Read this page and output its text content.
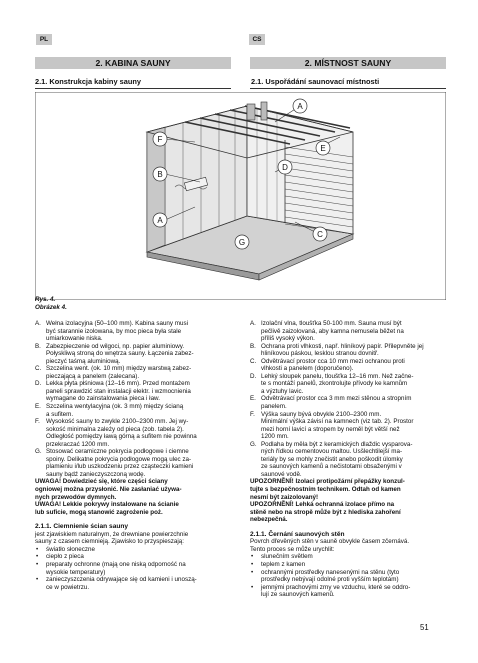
PL	CS
2. KABINA SAUNY	2. MÍSTNOST SAUNY
2.1. Konstrukcja kabiny sauny	2.1. Uspořádání saunovací místnosti
A
F
B
D
E
A
C
G
Rys. 4.
Obrázek 4.
A. Wełna izolacyjna (50–100 mm). Kabina sauny musi
być starannie izolowana, by moc pieca była stale
umiarkowanie niska.
B. Zabezpieczenie od wilgoci, np. papier aluminiowy.
Połyskliwą stroną do wnętrza sauny. Łączenia zabez-
pieczyć taśmą aluminiową.
C. Szczelina went. (ok. 10 mm) między warstwą zabez-
pieczającą a panelem (zalecana).
D. Lekka płyta płśniowa (12–16 mm). Przed montażem
paneli sprawdzić stan instalacji elektr. i wzmocnienia
wymagane do zainstalowania pieca i ław.
E. Szczelina wentylacyjna (ok. 3 mm) między ścianą
a sufitem.
F. Wysokość sauny to zwykle 2100–2300 mm. Jej wy-
sokość minimalna zależy od pieca (zob. tabela 2).
Odległość pomiędzy ławą górną a sufitem nie powinna
przekraczać 1200 mm.
G. Stosować ceramiczne pokrycia podłogowe i ciemne
spoiny. Delikatne pokrycia podłogowe mogą ulec za-
plamieniu i/lub uszkodzeniu przez cząsteczki kamieni
sauny bądź zanieczyszczoną wodę.
UWAGA! Dowiedzieć się, które części ściany
ogniowej można przysłonić. Nie zasłaniać używa-
nych przewodów dymnych.
UWAGA! Lekkie pokrywy instalowane na ścianie
lub suficie, mogą stanowić zagrożenie poż.
2.1.1. Ciemnienie ścian sauny
jest zjawiskiem naturalnym, że drewniane powierzchnie
sauny z czasem ciemnieją. Zjawisko to przyspieszają:
• światło słoneczne
• ciepło z pieca
• preparaty ochronne (mają one niską odporność na
wysokie temperatury)
• zanieczyszczenia odrywające się od kamieni i unoszą-
ce w powietrzu.
A. Izolační vlna, tloušťka 50-100 mm. Sauna musí být
pečlivě zaizolovaná, aby kamna nemusela běžet na
příliš vysoký výkon.
B. Ochrana proti vlhkosti, např. hliníkový papír. Přilepvněte jej
hliníkovou páskou, lesklou stranou dovnitř.
C. Odvětrávací prostor cca 10 mm mezi ochranou proti
vlhkosti a panelem (doporučeno).
D. Lehký sloupek panelu, tloušťka 12–16 mm. Než začne-
te s montáží panelů, zkontrolujte přívody ke kamnům
a výztuhy lavic.
E. Odvětrávací prostor cca 3 mm mezi stěnou a stropním
panelem.
F. Výška sauny bývá obvykle 2100–2300 mm.
Minimální výška závisí na kamnech (viz tab. 2). Prostor
mezi horní lavicí a stropem by neměl být větší než
1200 mm.
G. Podlaha by měla být z keramických dlaždic vysparova-
ných řídkou cementovou maltou. Usšlechtilejší ma-
teriály by se mohly znečistit anebo poškodit úlomky
ze saunových kamenů a nečistotami obsaženými v
saunové vodě.
UPOZORNĚNÍ! Izolaci protipožární přepážky konzul-
tujte s bezpečnostním technikem. Odtah od kamen
nesmí být zaizolovaný!
UPOZORNĚNÍ! Lehká ochranná izolace přímo na
stěně nebo na stropě může být z hlediska zahoření
nebezpečná.
2.1.1. Černání saunových stěn
Povrch dřevěných stěn v sauně obvykle časem zčernává.
Tento proces se může urychlit:
• slunečním světlem
• teplem z kamen
• ochrannými prostředky nanesenými na stěnu (tyto
prostředky nebývají odolné proti vyšším teplotám)
• jemnými prachovými zrny ve vzduchu, které se oddro-
lují ze saunových kamenů.
51
